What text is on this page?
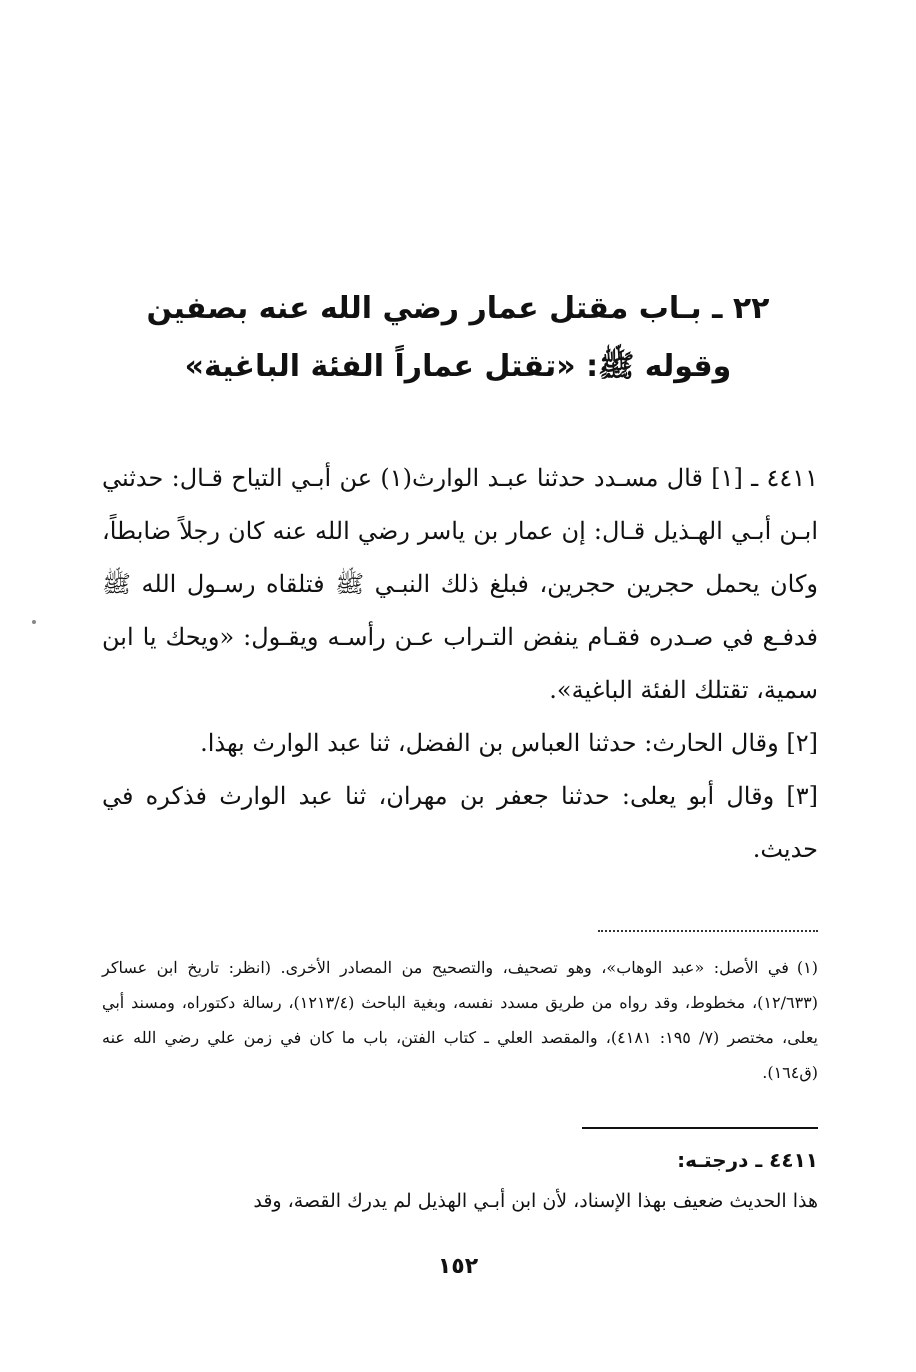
٢٢ ـ بـاب مقتل عمار رضي الله عنه بصفين
وقوله ﷺ: «تقتل عماراً الفئة الباغية»

٤٤١١ ـ [١] قال مسـدد حدثنا عبـد الوارث(١) عن أبـي التياح قـال: حدثني ابـن أبـي الهـذيل قـال: إن عمار بن ياسر رضي الله عنه كان رجلاً ضابطاً، وكان يحمل حجرين حجرين، فبلغ ذلك النبـي ﷺ فتلقاه رسـول الله ﷺ فدفـع في صـدره فقـام ينفض التـراب عـن رأسـه ويقـول: «ويحك يا ابن سمية، تقتلك الفئة الباغية».

[٢] وقال الحارث: حدثنا العباس بن الفضل، ثنا عبد الوارث بهذا.

[٣] وقال أبو يعلى: حدثنا جعفر بن مهران، ثنا عبد الوارث فذكره في حديث.

(١)في الأصل: «عبد الوهاب»، وهو تصحيف، والتصحيح من المصادر الأخرى. (انظر: تاريخ ابن عساكر (١٢/٦٣٣)، مخطوط، وقد رواه من طريق مسدد نفسه، وبغية الباحث (١٢١٣/٤)، رسالة دكتوراه، ومسند أبي يعلى، مختصر (٧/ ١٩٥: ٤١٨١)، والمقصد العلي ـ كتاب الفتن، باب ما كان في زمن علي رضي الله عنه (ق١٦٤).
٤٤١١ ـ درجتـه:
هذا الحديث ضعيف بهذا الإسناد، لأن ابن أبـي الهذيل لم يدرك القصة، وقد
١٥٢
